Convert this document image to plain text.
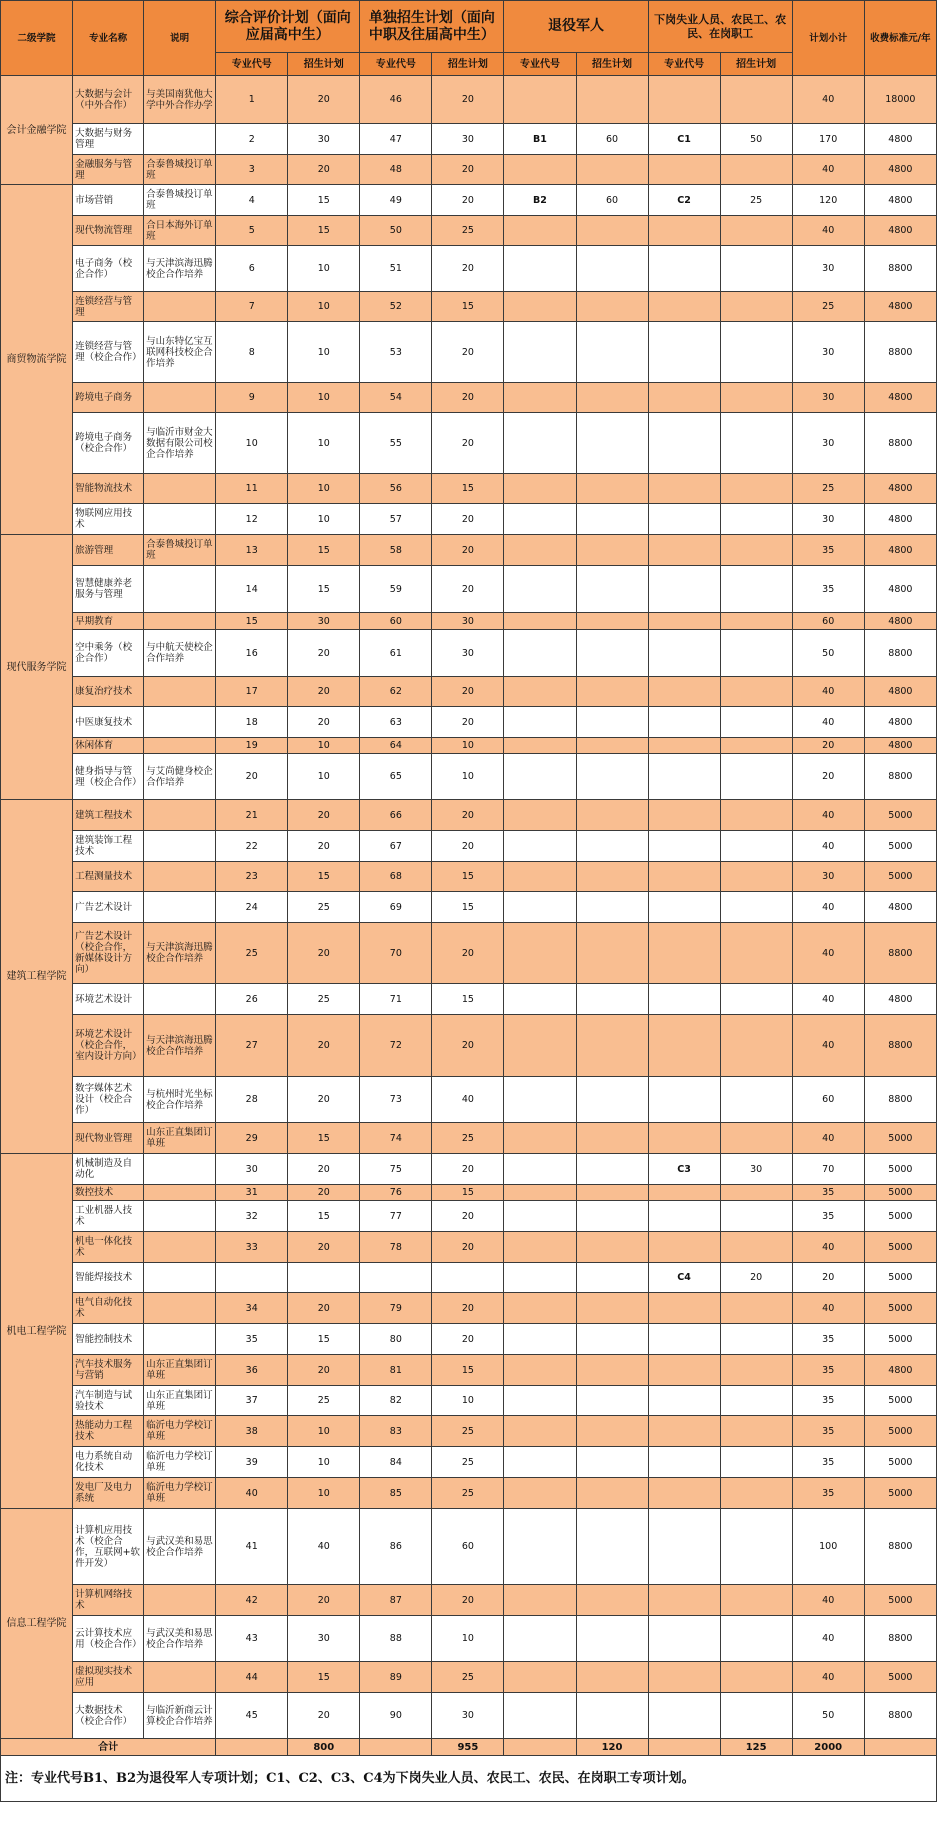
二级学院	专业名称	说明	综合评价计划（面向应届高中生）		单独招生计划（面向中职及往届高中生）		退役军人		下岗失业人员、农民工、农民、在岗职工		计划小计	收费标准元/年
			专业代号	招生计划	专业代号	招生计划	专业代号	招生计划	专业代号	招生计划		
会计金融学院	大数据与会计（中外合作）	与美国南犹他大学中外合作办学	1	20	46	20					40	18000
	大数据与财务管理		2	30	47	30	B1	60	C1	50	170	4800
	金融服务与管理	合泰鲁城投订单班	3	20	48	20					40	4800
商贸物流学院	市场营销	合泰鲁城投订单班	4	15	49	20	B2	60	C2	25	120	4800
	现代物流管理	合日本海外订单班	5	15	50	25					40	4800
	电子商务（校企合作）	与天津滨海迅腾校企合作培养	6	10	51	20					30	8800
	连锁经营与管理		7	10	52	15					25	4800
	连锁经营与管理（校企合作）	与山东特亿宝互联网科技校企合作培养	8	10	53	20					30	8800
	跨境电子商务		9	10	54	20					30	4800
	跨境电子商务（校企合作）	与临沂市财金大数据有限公司校企合作培养	10	10	55	20					30	8800
	智能物流技术		11	10	56	15					25	4800
	物联网应用技术		12	10	57	20					30	4800
现代服务学院	旅游管理	合泰鲁城投订单班	13	15	58	20					35	4800
	智慧健康养老服务与管理		14	15	59	20					35	4800
	早期教育		15	30	60	30					60	4800
	空中乘务（校企合作）	与中航天使校企合作培养	16	20	61	30					50	8800
	康复治疗技术		17	20	62	20					40	4800
	中医康复技术		18	20	63	20					40	4800
	休闲体育		19	10	64	10					20	4800
	健身指导与管理（校企合作）	与艾尚健身校企合作培养	20	10	65	10					20	8800
建筑工程学院	建筑工程技术		21	20	66	20					40	5000
	建筑装饰工程技术		22	20	67	20					40	5000
	工程测量技术		23	15	68	15					30	5000
	广告艺术设计		24	25	69	15					40	4800
	广告艺术设计（校企合作，新媒体设计方向）	与天津滨海迅腾校企合作培养	25	20	70	20					40	8800
	环境艺术设计		26	25	71	15					40	4800
	环境艺术设计（校企合作，室内设计方向）	与天津滨海迅腾校企合作培养	27	20	72	20					40	8800
	数字媒体艺术设计（校企合作）	与杭州时光坐标校企合作培养	28	20	73	40					60	8800
	现代物业管理	山东正直集团订单班	29	15	74	25					40	5000
机电工程学院	机械制造及自动化		30	20	75	20			C3	30	70	5000
	数控技术		31	20	76	15					35	5000
	工业机器人技术		32	15	77	20					35	5000
	机电一体化技术		33	20	78	20					40	5000
	智能焊接技术								C4	20	20	5000
	电气自动化技术		34	20	79	20					40	5000
	智能控制技术		35	15	80	20					35	5000
	汽车技术服务与营销	山东正直集团订单班	36	20	81	15					35	4800
	汽车制造与试验技术	山东正直集团订单班	37	25	82	10					35	5000
	热能动力工程技术	临沂电力学校订单班	38	10	83	25					35	5000
	电力系统自动化技术	临沂电力学校订单班	39	10	84	25					35	5000
	发电厂及电力系统	临沂电力学校订单班	40	10	85	25					35	5000
信息工程学院	计算机应用技术（校企合作，互联网+软件开发）	与武汉美和易思校企合作培养	41	40	86	60					100	8800
	计算机网络技术		42	20	87	20					40	5000
	云计算技术应用（校企合作）	与武汉美和易思校企合作培养	43	30	88	10					40	8800
	虚拟现实技术应用		44	15	89	25					40	5000
	大数据技术（校企合作）	与临沂新商云计算校企合作培养	45	20	90	30					50	8800
合计				800		955		120		125	2000	
注：专业代号B1、B2为退役军人专项计划；C1、C2、C3、C4为下岗失业人员、农民工、农民、在岗职工专项计划。												
